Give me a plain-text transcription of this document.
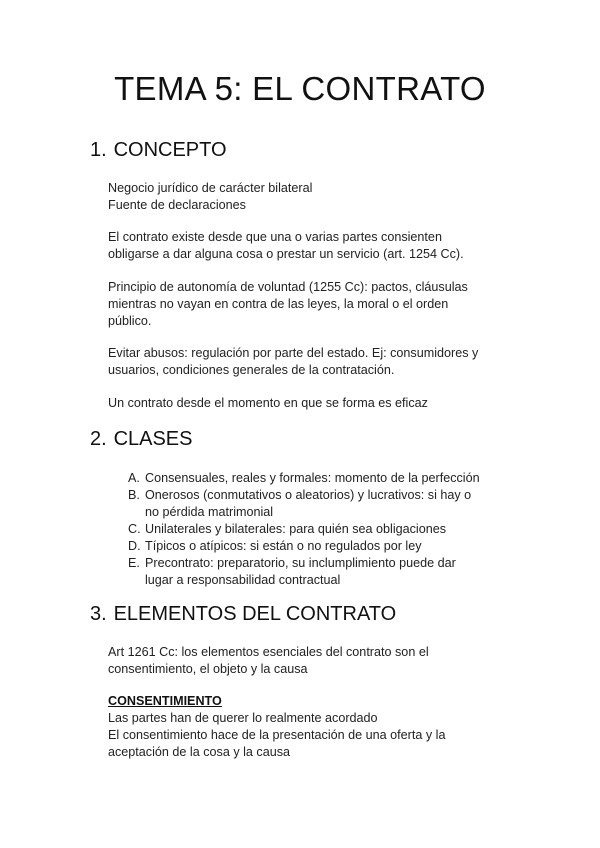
TEMA 5: EL CONTRATO
1. CONCEPTO
Negocio jurídico de carácter bilateral
Fuente de declaraciones
El contrato existe desde que una o varias partes consienten
obligarse a dar alguna cosa o prestar un servicio (art. 1254 Cc).
Principio de autonomía de voluntad (1255 Cc): pactos, cláusulas
mientras no vayan en contra de las leyes, la moral o el orden
público.
Evitar abusos: regulación por parte del estado. Ej: consumidores y
usuarios, condiciones generales de la contratación.
Un contrato desde el momento en que se forma es eficaz
2. CLASES
A. Consensuales, reales y formales: momento de la perfección
B. Onerosos (conmutativos o aleatorios) y lucrativos: si hay o
no pérdida matrimonial
C. Unilaterales y bilaterales: para quién sea obligaciones
D. Típicos o atípicos: si están o no regulados por ley
E. Precontrato: preparatorio, su inclumplimiento puede dar
lugar a responsabilidad contractual
3. ELEMENTOS DEL CONTRATO
Art 1261 Cc: los elementos esenciales del contrato son el
consentimiento, el objeto y la causa
CONSENTIMIENTO
Las partes han de querer lo realmente acordado
El consentimiento hace de la presentación de una oferta y la
aceptación de la cosa y la causa
